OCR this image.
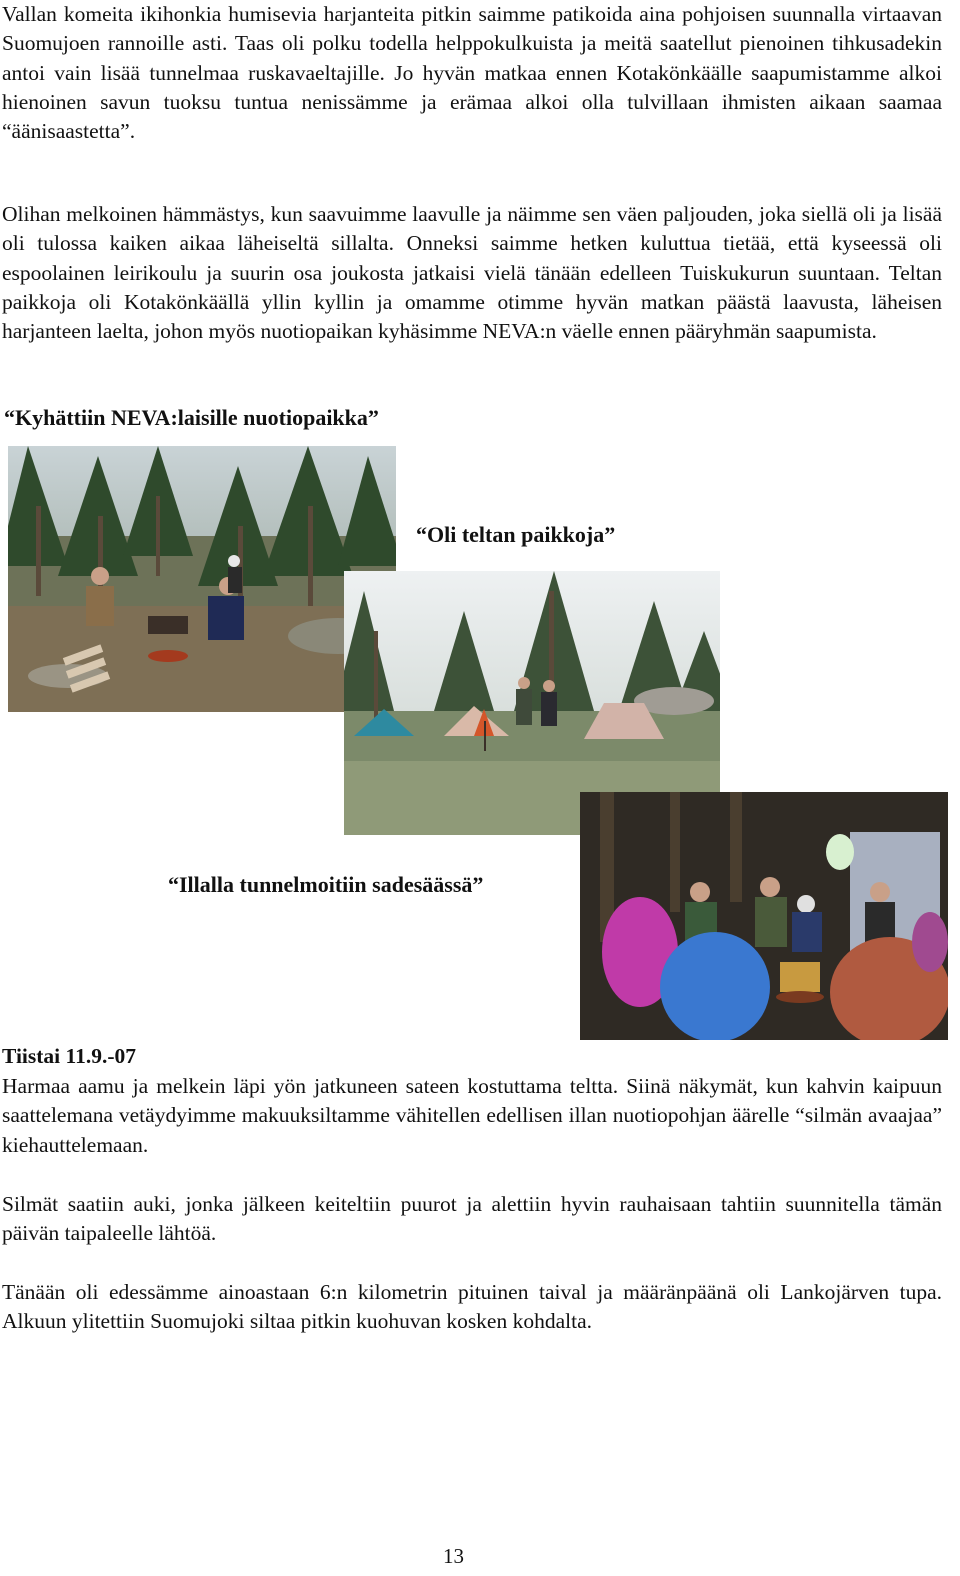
Vallan komeita ikihonkia humisevia harjanteita pitkin saimme patikoida aina pohjoisen suunnalla virtaavan Suomujoen rannoille asti. Taas oli polku todella helppokulkuista ja meitä saatellut pienoinen tihkusadekin antoi vain lisää tunnelmaa ruskavaeltajille. Jo hyvän matkaa ennen Kotakönkäälle saapumistamme alkoi hienoinen savun tuoksu tuntua nenissämme ja erämaa alkoi olla tulvillaan ihmisten aikaan saamaa “äänisaastetta”.

Olihan melkoinen hämmästys, kun saavuimme laavulle ja näimme sen väen paljouden, joka siellä oli ja lisää oli tulossa kaiken aikaa läheiseltä sillalta. Onneksi saimme hetken kuluttua tietää, että kyseessä oli espoolainen leirikoulu ja suurin osa joukosta jatkaisi vielä tänään edelleen Tuiskukurun suuntaan. Teltan paikkoja oli Kotakönkäällä yllin kyllin ja omamme otimme hyvän matkan päästä laavusta, läheisen harjanteen laelta, johon myös nuotiopaikan kyhäsimme NEVA:n väelle ennen pääryhmän saapumista.

“Kyhättiin NEVA:laisille nuotiopaikka”
“Oli teltan paikkoja”
“Illalla tunnelmoitiin sadesäässä”
Tiistai 11.9.-07

Harmaa aamu ja melkein läpi yön jatkuneen sateen kostuttama teltta. Siinä näkymät, kun kahvin kaipuun saattelemana vetäydyimme makuuksiltamme vähitellen edellisen illan nuotiopohjan äärelle “silmän avaajaa” kiehauttelemaan.

Silmät saatiin auki, jonka jälkeen keiteltiin puurot ja alettiin hyvin rauhaisaan tahtiin suunnitella tämän päivän taipaleelle lähtöä.

Tänään oli edessämme ainoastaan 6:n kilometrin pituinen taival ja määränpäänä oli Lankojärven tupa. Alkuun ylitettiin Suomujoki siltaa pitkin kuohuvan kosken kohdalta.

13
